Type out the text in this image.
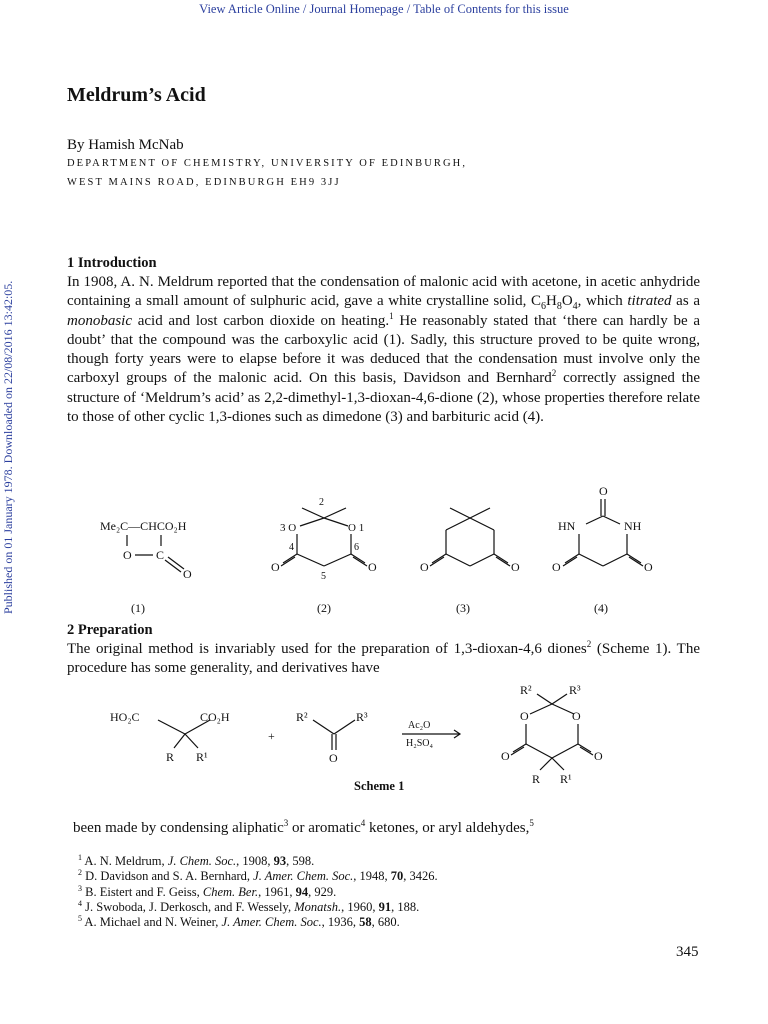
View Article Online / Journal Homepage / Table of Contents for this issue
Published on 01 January 1978. Downloaded on 22/08/2016 13:42:05.
Meldrum’s Acid
By Hamish McNab
DEPARTMENT OF CHEMISTRY, UNIVERSITY OF EDINBURGH,
WEST MAINS ROAD, EDINBURGH EH9 3JJ
1 Introduction

In 1908, A. N. Meldrum reported that the condensation of malonic acid with acetone, in acetic anhydride containing a small amount of sulphuric acid, gave a white crystalline solid, $C_6H_8O_4$, which titrated as a monobasic acid and lost carbon dioxide on heating.$^1$ He reasonably stated that ‘there can hardly be a doubt’ that the compound was the carboxylic acid (1). Sadly, this structure proved to be quite wrong, though forty years were to elapse before it was deduced that the condensation must involve only the carboxyl groups of the malonic acid. On this basis, Davidson and Bernhard$^2$ correctly assigned the structure of ‘Meldrum’s acid’ as 2,2-dimethyl-1,3-dioxan-4,6-dione (2), whose properties therefore relate to those of other cyclic 1,3-diones such as dimedone (3) and barbituric acid (4).

Me₂C—CHCO₂H
O C
O
2
3 O	O 1
4	6
5
O	O	O	O
O
HN	NH
O	O
(1)	(2)	(3)	(4)
2 Preparation

The original method is invariably used for the preparation of 1,3-dioxan-4,6 diones$^2$ (Scheme 1). The procedure has some generality, and derivatives have

HO₂C	CO₂H
R R¹
+
R²	R³
O
Ac₂O
H₂SO₄
R²	R³
O	O
O	O
R R¹
Scheme 1
been made by condensing aliphatic$^3$ or aromatic$^4$ ketones, or aryl aldehydes,$^5$
$^1$ A. N. Meldrum, J. Chem. Soc., 1908, 93, 598.
$^2$ D. Davidson and S. A. Bernhard, J. Amer. Chem. Soc., 1948, 70, 3426.
$^3$ B. Eistert and F. Geiss, Chem. Ber., 1961, 94, 929.
$^4$ J. Swoboda, J. Derkosch, and F. Wessely, Monatsh., 1960, 91, 188.
$^5$ A. Michael and N. Weiner, J. Amer. Chem. Soc., 1936, 58, 680.
345
